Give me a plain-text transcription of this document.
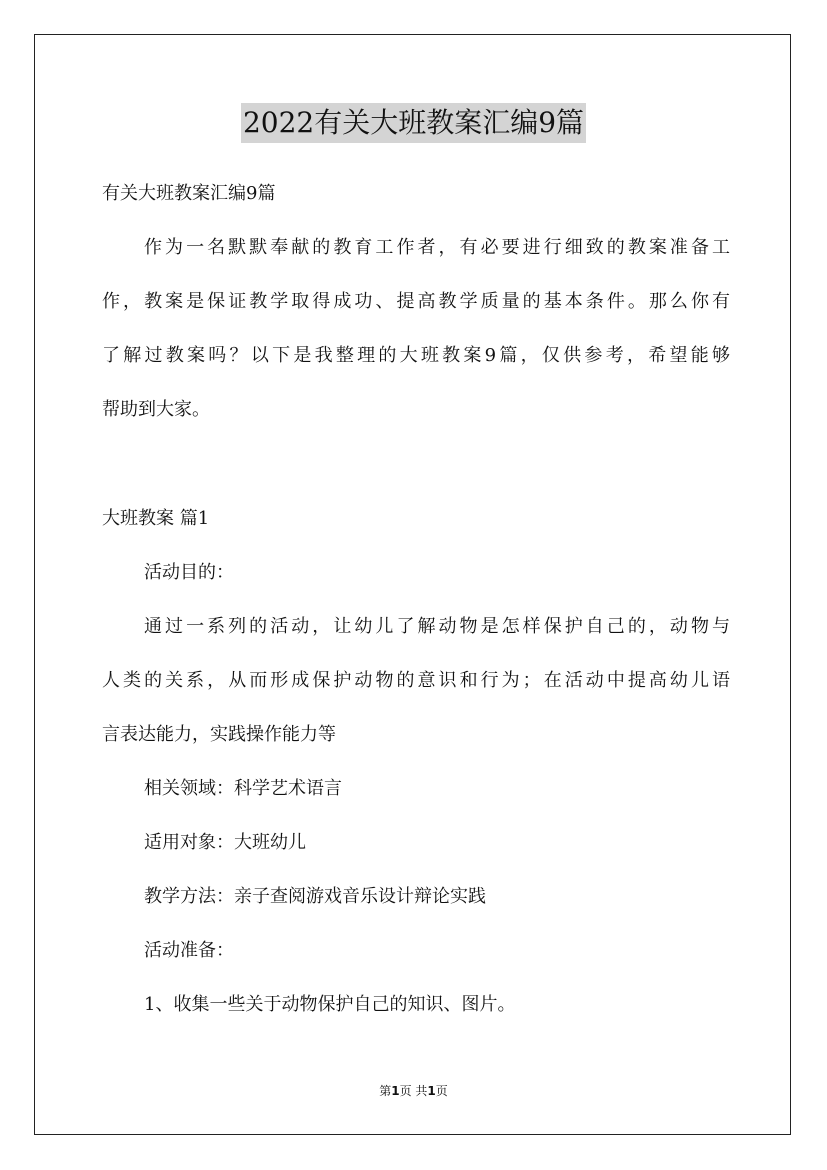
2022有关大班教案汇编9篇

有关大班教案汇编9篇

作为一名默默奉献的教育工作者，有必要进行细致的教案准备工
作，教案是保证教学取得成功、提高教学质量的基本条件。那么你有
了解过教案吗？以下是我整理的大班教案9篇，仅供参考，希望能够
帮助到大家。

大班教案 篇1

活动目的：

通过一系列的活动，让幼儿了解动物是怎样保护自己的，动物与
人类的关系，从而形成保护动物的意识和行为；在活动中提高幼儿语
言表达能力，实践操作能力等

相关领域：科学艺术语言

适用对象：大班幼儿

教学方法：亲子查阅游戏音乐设计辩论实践

活动准备：

1、收集一些关于动物保护自己的知识、图片。

第1页 共1页
